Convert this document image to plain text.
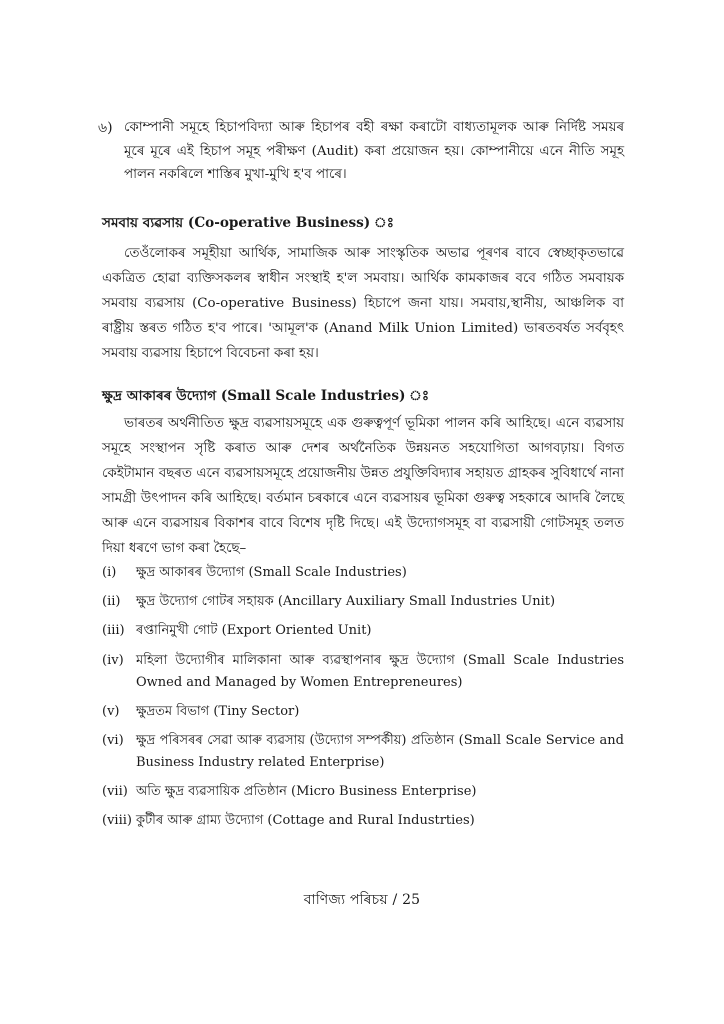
৬) কোম্পানী সমূহে হিচাপবিদ্যা আৰু হিচাপৰ বহী ৰক্ষা কৰাটো বাধ্যতামূলক আৰু নিৰ্দিষ্ট সময়ৰ মূৰে মূৰে এই হিচাপ সমূহ পৰীক্ষণ (Audit) কৰা প্ৰয়োজন হয়। কোম্পানীয়ে এনে নীতি সমূহ পালন নকৰিলে শাস্তিৰ মুখা-মুখি হ'ব পাৰে।
সমবায় ব্যৱসায় (Co-operative Business) ঃ

তেওঁলোকৰ সমূহীয়া আৰ্থিক, সামাজিক আৰু সাংস্কৃতিক অভাৱ পূৰণৰ বাবে স্বেচ্ছাকৃতভাৱে একত্ৰিত হোৱা ব্যক্তিসকলৰ স্বাধীন সংস্থাই হ'ল সমবায়। আৰ্থিক কামকাজৰ ববে গঠিত সমবায়ক সমবায় ব্যৱসায় (Co-operative Business) হিচাপে জনা যায়। সমবায়,স্থানীয়, আঞ্চলিক বা ৰাষ্ট্ৰীয় স্তৰত গঠিত হ'ব পাৰে। 'আমূল'ক (Anand Milk Union Limited) ভাৰতবৰ্ষত সৰ্ববৃহৎ সমবায় ব্যৱসায় হিচাপে বিবেচনা কৰা হয়।

ক্ষুদ্ৰ আকাৰৰ উদ্যোগ (Small Scale Industries) ঃ

ভাৰতৰ অৰ্থনীতিত ক্ষুদ্ৰ ব্যৱসায়সমূহে এক গুৰুত্বপূৰ্ণ ভূমিকা পালন কৰি আহিছে। এনে ব্যৱসায় সমূহে সংস্থাপন সৃষ্টি কৰাত আৰু দেশৰ অৰ্থনৈতিক উন্নয়নত সহযোগিতা আগবঢ়ায়। বিগত কেইটামান বছৰত এনে ব্যৱসায়সমূহে প্ৰয়োজনীয় উন্নত প্ৰযুক্তিবিদ্যাৰ সহায়ত গ্ৰাহকৰ সুবিধাৰ্থে নানা সামগ্ৰী উৎপাদন কৰি আহিছে। বৰ্তমান চৰকাৰে এনে ব্যৱসায়ৰ ভূমিকা গুৰুত্ব সহকাৰে আদৰি লৈছে আৰু এনে ব্যৱসায়ৰ বিকাশৰ বাবে বিশেষ দৃষ্টি দিছে। এই উদ্যোগসমূহ বা ব্যৱসায়ী গোটসমূহ তলত দিয়া ধৰণে ভাগ কৰা হৈছে–

(i)	ক্ষুদ্ৰ আকাৰৰ উদ্যোগ (Small Scale Industries)
(ii)	ক্ষুদ্ৰ উদ্যোগ গোটৰ সহায়ক (Ancillary Auxiliary Small Industries Unit)
(iii) ৰপ্তানিমুখী গোট (Export Oriented Unit)
(iv) মহিলা উদ্যোগীৰ মালিকানা আৰু ব্যৱস্থাপনাৰ ক্ষুদ্ৰ উদ্যোগ (Small Scale Industries Owned and Managed by Women Entrepreneures)
(v)	ক্ষুদ্ৰতম বিভাগ (Tiny Sector)
(vi) ক্ষুদ্ৰ পৰিসৰৰ সেৱা আৰু ব্যৱসায় (উদ্যোগ সম্পৰ্কীয়) প্ৰতিষ্ঠান (Small Scale Service and Business Industry related Enterprise)
(vii) অতি ক্ষুদ্ৰ ব্যৱসায়িক প্ৰতিষ্ঠান (Micro Business Enterprise)
(viii) কুটীৰ আৰু গ্ৰাম্য উদ্যোগ (Cottage and Rural Industrties)
বাণিজ্য পৰিচয় / 25
